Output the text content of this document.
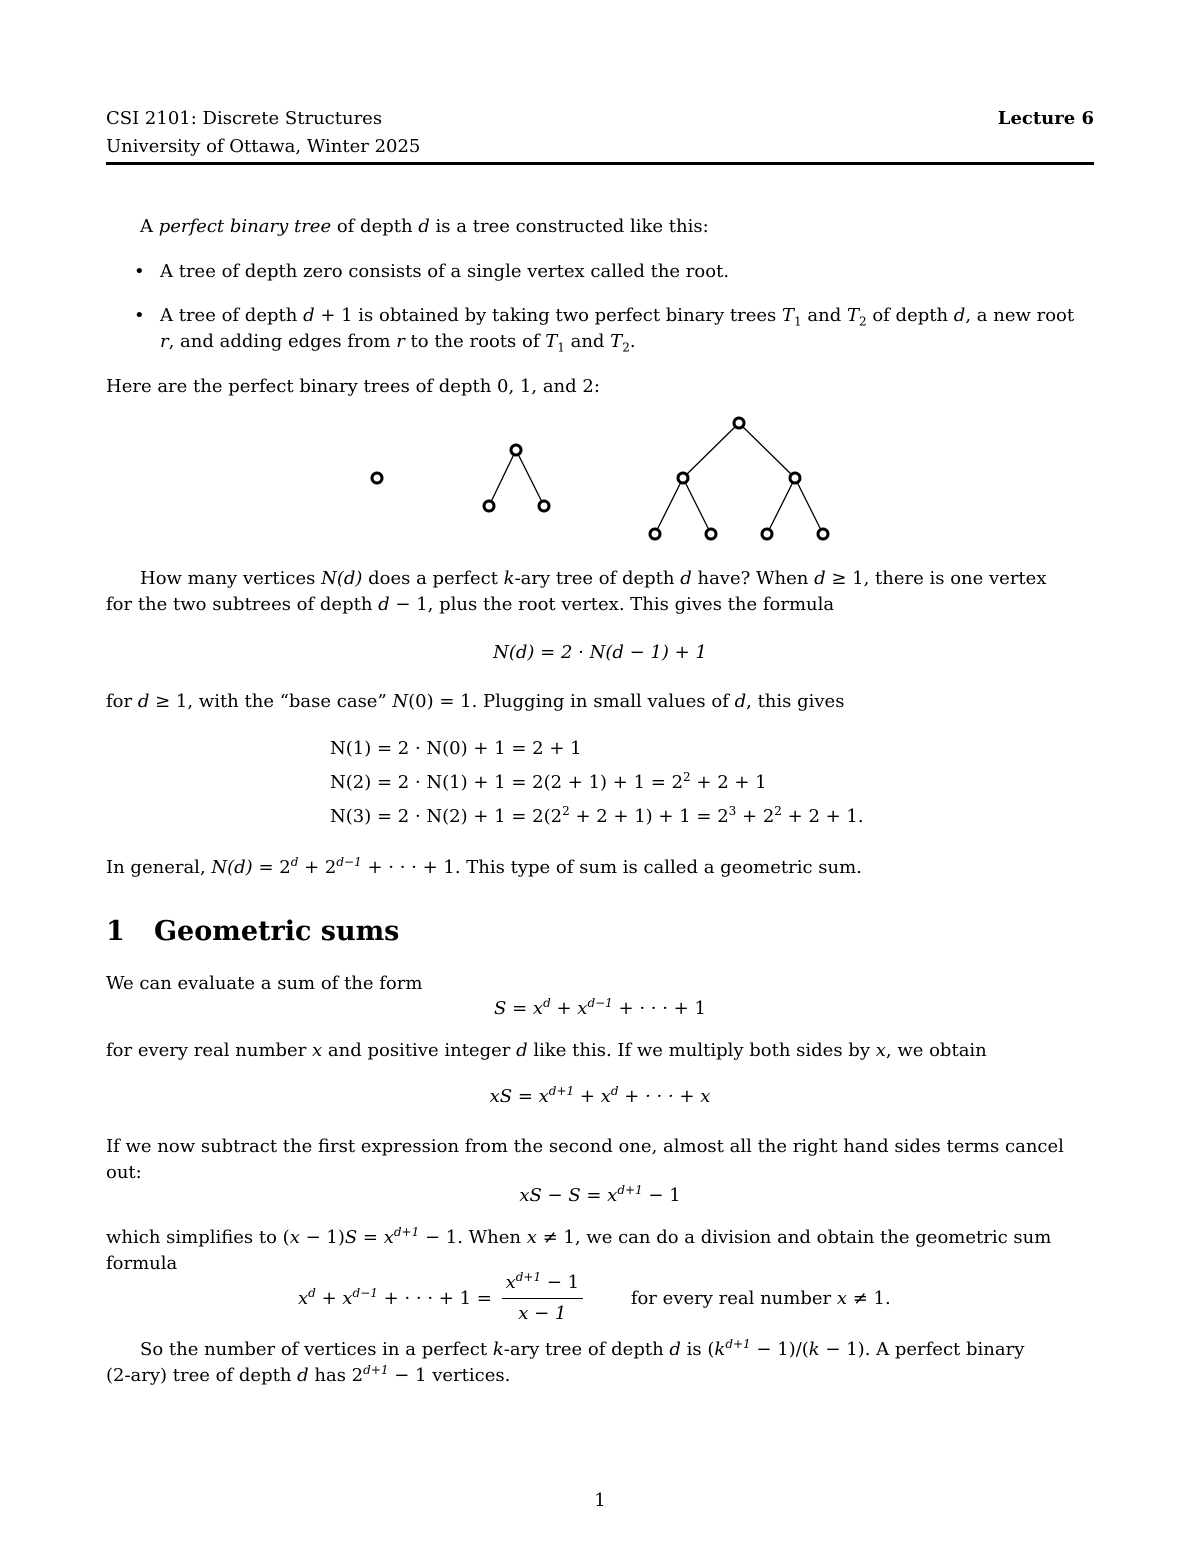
CSI 2101: Discrete Structures	Lecture 6
University of Ottawa, Winter 2025
A perfect binary tree of depth d is a tree constructed like this:
• A tree of depth zero consists of a single vertex called the root.
• A tree of depth d + 1 is obtained by taking two perfect binary trees $T_1$ and $T_2$ of depth d, a new root
r, and adding edges from r to the roots of $T_1$ and $T_2$.
Here are the perfect binary trees of depth 0, 1, and 2:
How many vertices N(d) does a perfect k-ary tree of depth d have? When d ≥ 1, there is one vertex
for the two subtrees of depth d − 1, plus the root vertex. This gives the formula
N(d) = 2 · N(d − 1) + 1
for d ≥ 1, with the “base case” N(0) = 1. Plugging in small values of d, this gives
N(1) = 2 · N(0) + 1 = 2 + 1
$N(2) = 2 \cdot N(1) + 1 = 2(2 + 1) + 1 = 2^2 + 2 + 1$
$N(3) = 2 \cdot N(2) + 1 = 2(2^2 + 2 + 1) + 1 = 2^3 + 2^2 + 2 + 1$.
In general, $N(d) = 2^d + 2^{d-1}$ + · · · + 1. This type of sum is called a geometric sum.
1 Geometric sums
We can evaluate a sum of the form
$S = x^d + x^{d-1}$ + · · · + 1
for every real number x and positive integer d like this. If we multiply both sides by x, we obtain
xS = $x^{d+1} + x^d$ + · · · + x
If we now subtract the first expression from the second one, almost all the right hand sides terms cancel out:
xS − $S = x^{d+1} - 1$
which simplifies to $(x - 1)S = x^{d+1} - 1$. When x ≠ 1, we can do a division and obtain the geometric sum formula
$x^d + x^{d-1}$ + · · · + $1 = \frac{x^{d+1} - 1}{x - 1}$	for every real number x ≠ 1.
So the number of vertices in a perfect k-ary tree of depth d is $(k^{d+1} - 1)/(k - 1)$. A perfect binary
(2-ary) tree of depth d has $2^{d+1} - 1$ vertices.
1
